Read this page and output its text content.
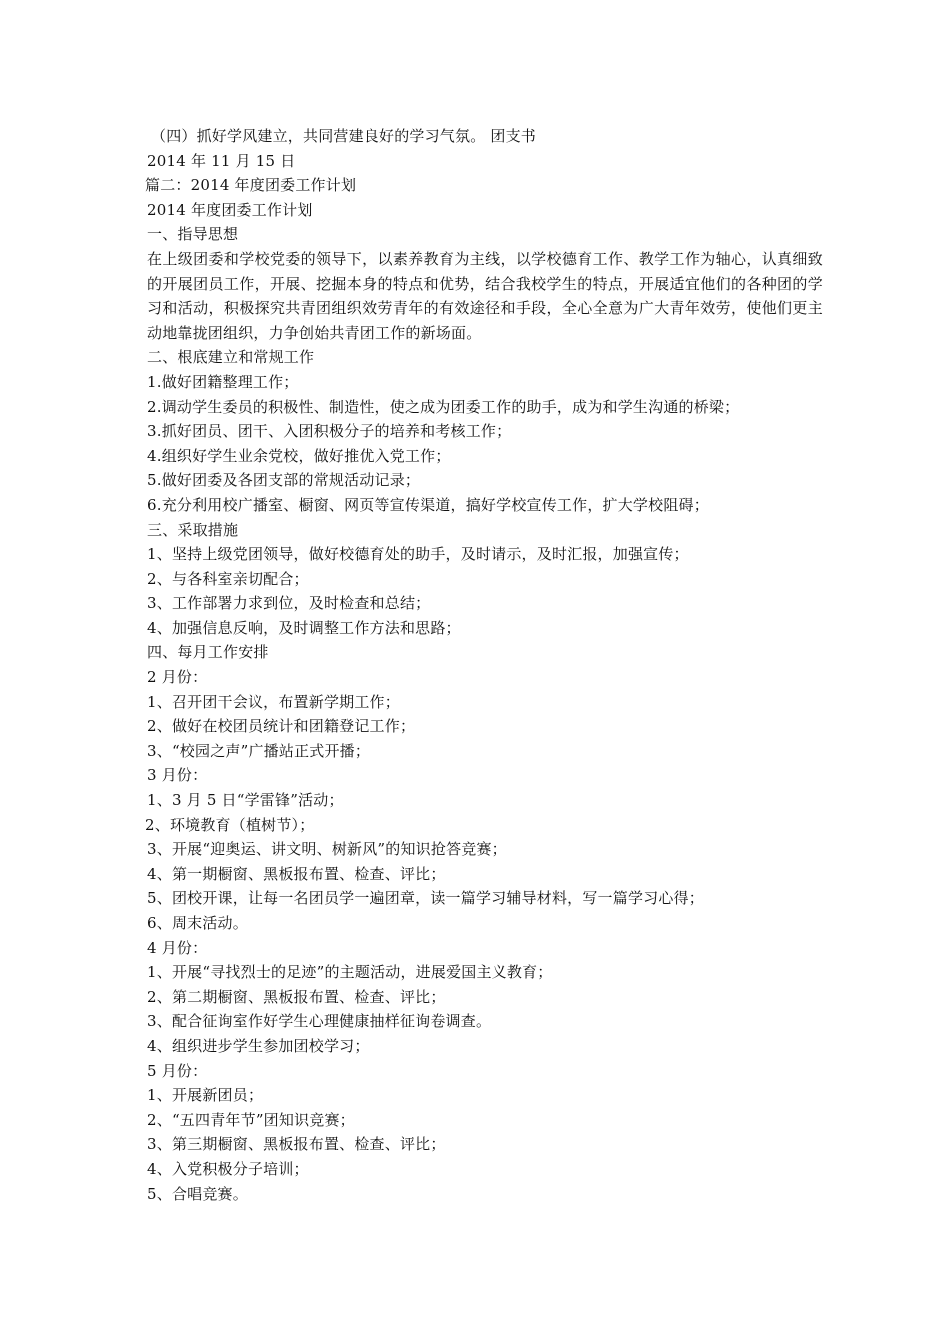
（四）抓好学风建立，共同营建良好的学习气氛。 团支书
2014 年 11 月 15 日
篇二：2014 年度团委工作计划
2014 年度团委工作计划
一、指导思想
在上级团委和学校党委的领导下，以素养教育为主线，以学校德育工作、教学工作为轴心，认真细致的开展团员工作，开展、挖掘本身的特点和优势，结合我校学生的特点，开展适宜他们的各种团的学习和活动，积极探究共青团组织效劳青年的有效途径和手段，全心全意为广大青年效劳，使他们更主动地靠拢团组织，力争创始共青团工作的新场面。
二、根底建立和常规工作
1.做好团籍整理工作；
2.调动学生委员的积极性、制造性，使之成为团委工作的助手，成为和学生沟通的桥梁；
3.抓好团员、团干、入团积极分子的培养和考核工作；
4.组织好学生业余党校，做好推优入党工作；
5.做好团委及各团支部的常规活动记录；
6.充分利用校广播室、橱窗、网页等宣传渠道，搞好学校宣传工作，扩大学校阻碍；
三、采取措施
1、坚持上级党团领导，做好校德育处的助手，及时请示，及时汇报，加强宣传；
2、与各科室亲切配合；
3、工作部署力求到位，及时检查和总结；
4、加强信息反响，及时调整工作方法和思路；
四、每月工作安排
2 月份：
1、召开团干会议，布置新学期工作；
2、做好在校团员统计和团籍登记工作；
3、“校园之声”广播站正式开播；
3 月份：
1、3 月 5 日“学雷锋”活动；
2、环境教育（植树节）；
3、开展“迎奥运、讲文明、树新风”的知识抢答竞赛；
4、第一期橱窗、黑板报布置、检查、评比；
5、团校开课，让每一名团员学一遍团章，读一篇学习辅导材料，写一篇学习心得；
6、周末活动。
4 月份：
1、开展“寻找烈士的足迹”的主题活动，进展爱国主义教育；
2、第二期橱窗、黑板报布置、检查、评比；
3、配合征询室作好学生心理健康抽样征询卷调查。
4、组织进步学生参加团校学习；
5 月份：
1、开展新团员；
2、“五四青年节”团知识竞赛；
3、第三期橱窗、黑板报布置、检查、评比；
4、入党积极分子培训；
5、合唱竞赛。
